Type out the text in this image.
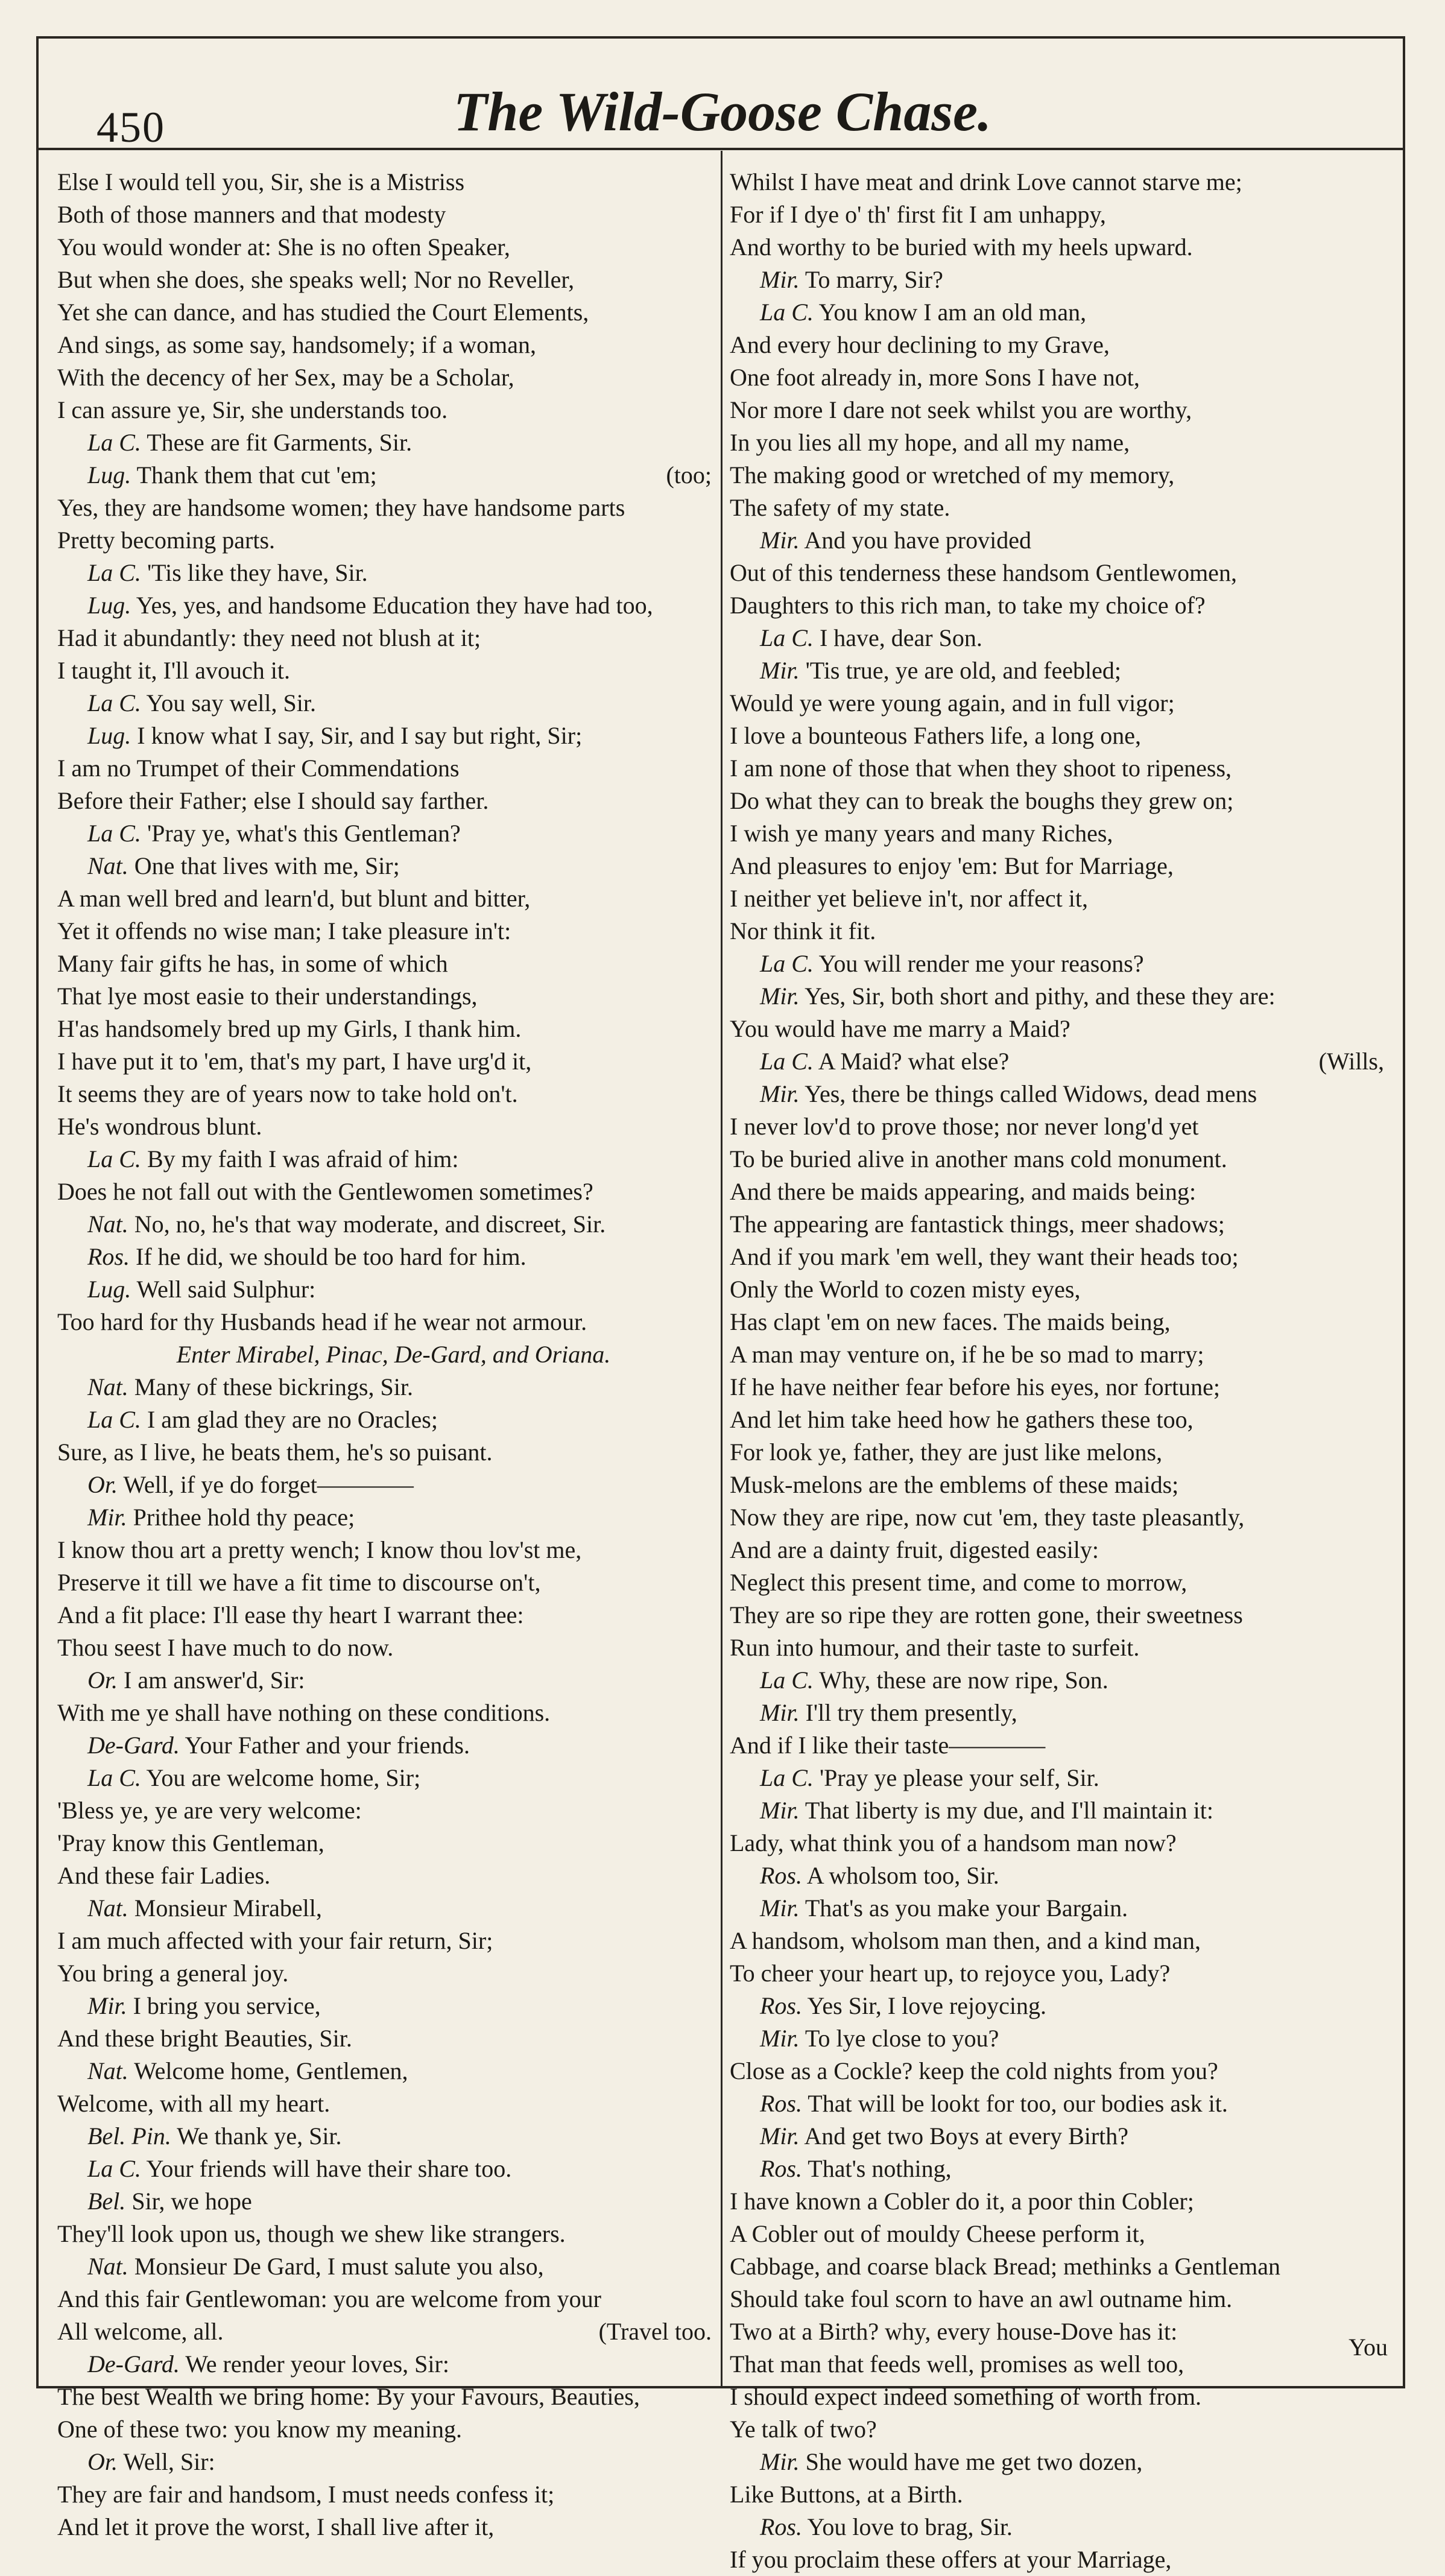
450	The Wild-Goose Chase.
Else I would tell you, Sir, she is a Mistriss
Both of those manners and that modesty
You would wonder at: She is no often Speaker,
But when she does, she speaks well; Nor no Reveller,
Yet she can dance, and has studied the Court Elements,
And sings, as some say, handsomely; if a woman,
With the decency of her Sex, may be a Scholar,
I can assure ye, Sir, she understands too.
La C. These are fit Garments, Sir.
Lug. Thank them that cut 'em;	(too;
Yes, they are handsome women; they have handsome parts
Pretty becoming parts.
La C. 'Tis like they have, Sir.
Lug. Yes, yes, and handsome Education they have had too,
Had it abundantly: they need not blush at it;
I taught it, I'll avouch it.
La C. You say well, Sir.
Lug. I know what I say, Sir, and I say but right, Sir;
I am no Trumpet of their Commendations
Before their Father; else I should say farther.
La C. 'Pray ye, what's this Gentleman?
Nat. One that lives with me, Sir;
A man well bred and learn'd, but blunt and bitter,
Yet it offends no wise man; I take pleasure in't:
Many fair gifts he has, in some of which
That lye most easie to their understandings,
H'as handsomely bred up my Girls, I thank him.
I have put it to 'em, that's my part, I have urg'd it,
It seems they are of years now to take hold on't.
He's wondrous blunt.
La C. By my faith I was afraid of him:
Does he not fall out with the Gentlewomen sometimes?
Nat. No, no, he's that way moderate, and discreet, Sir.
Ros. If he did, we should be too hard for him.
Lug. Well said Sulphur:
Too hard for thy Husbands head if he wear not armour.
Enter Mirabel, Pinac, De-Gard, and Oriana.
Nat. Many of these bickrings, Sir.
La C. I am glad they are no Oracles;
Sure, as I live, he beats them, he's so puisant.
Or. Well, if ye do forget————
Mir. Prithee hold thy peace;
I know thou art a pretty wench; I know thou lov'st me,
Preserve it till we have a fit time to discourse on't,
And a fit place: I'll ease thy heart I warrant thee:
Thou seest I have much to do now.
Or. I am answer'd, Sir:
With me ye shall have nothing on these conditions.
De-Gard. Your Father and your friends.
La C. You are welcome home, Sir;
'Bless ye, ye are very welcome:
'Pray know this Gentleman,
And these fair Ladies.
Nat. Monsieur Mirabell,
I am much affected with your fair return, Sir;
You bring a general joy.
Mir. I bring you service,
And these bright Beauties, Sir.
Nat. Welcome home, Gentlemen,
Welcome, with all my heart.
Bel. Pin. We thank ye, Sir.
La C. Your friends will have their share too.
Bel. Sir, we hope
They'll look upon us, though we shew like strangers.
Nat. Monsieur De Gard, I must salute you also,
And this fair Gentlewoman: you are welcome from your
All welcome, all.	(Travel too.
De-Gard. We render yeour loves, Sir:
The best Wealth we bring home: By your Favours, Beauties,
One of these two: you know my meaning.
Or. Well, Sir:
They are fair and handsom, I must needs confess it;
And let it prove the worst, I shall live after it,
Whilst I have meat and drink Love cannot starve me;
For if I dye o' th' first fit I am unhappy,
And worthy to be buried with my heels upward.
Mir. To marry, Sir?
La C. You know I am an old man,
And every hour declining to my Grave,
One foot already in, more Sons I have not,
Nor more I dare not seek whilst you are worthy,
In you lies all my hope, and all my name,
The making good or wretched of my memory,
The safety of my state.
Mir. And you have provided
Out of this tenderness these handsom Gentlewomen,
Daughters to this rich man, to take my choice of?
La C. I have, dear Son.
Mir. 'Tis true, ye are old, and feebled;
Would ye were young again, and in full vigor;
I love a bounteous Fathers life, a long one,
I am none of those that when they shoot to ripeness,
Do what they can to break the boughs they grew on;
I wish ye many years and many Riches,
And pleasures to enjoy 'em: But for Marriage,
I neither yet believe in't, nor affect it,
Nor think it fit.
La C. You will render me your reasons?
Mir. Yes, Sir, both short and pithy, and these they are:
You would have me marry a Maid?
La C. A Maid? what else?	(Wills,
Mir. Yes, there be things called Widows, dead mens
I never lov'd to prove those; nor never long'd yet
To be buried alive in another mans cold monument.
And there be maids appearing, and maids being:
The appearing are fantastick things, meer shadows;
And if you mark 'em well, they want their heads too;
Only the World to cozen misty eyes,
Has clapt 'em on new faces. The maids being,
A man may venture on, if he be so mad to marry;
If he have neither fear before his eyes, nor fortune;
And let him take heed how he gathers these too,
For look ye, father, they are just like melons,
Musk-melons are the emblems of these maids;
Now they are ripe, now cut 'em, they taste pleasantly,
And are a dainty fruit, digested easily:
Neglect this present time, and come to morrow,
They are so ripe they are rotten gone, their sweetness
Run into humour, and their taste to surfeit.
La C. Why, these are now ripe, Son.
Mir. I'll try them presently,
And if I like their taste————
La C. 'Pray ye please your self, Sir.
Mir. That liberty is my due, and I'll maintain it:
Lady, what think you of a handsom man now?
Ros. A wholsom too, Sir.
Mir. That's as you make your Bargain.
A handsom, wholsom man then, and a kind man,
To cheer your heart up, to rejoyce you, Lady?
Ros. Yes Sir, I love rejoycing.
Mir. To lye close to you?
Close as a Cockle? keep the cold nights from you?
Ros. That will be lookt for too, our bodies ask it.
Mir. And get two Boys at every Birth?
Ros. That's nothing,
I have known a Cobler do it, a poor thin Cobler;
A Cobler out of mouldy Cheese perform it,
Cabbage, and coarse black Bread; methinks a Gentleman
Should take foul scorn to have an awl outname him.
Two at a Birth? why, every house-Dove has it:
That man that feeds well, promises as well too,
I should expect indeed something of worth from.
Ye talk of two?
Mir. She would have me get two dozen,
Like Buttons, at a Birth.
Ros. You love to brag, Sir.
If you proclaim these offers at your Marriage,
You
